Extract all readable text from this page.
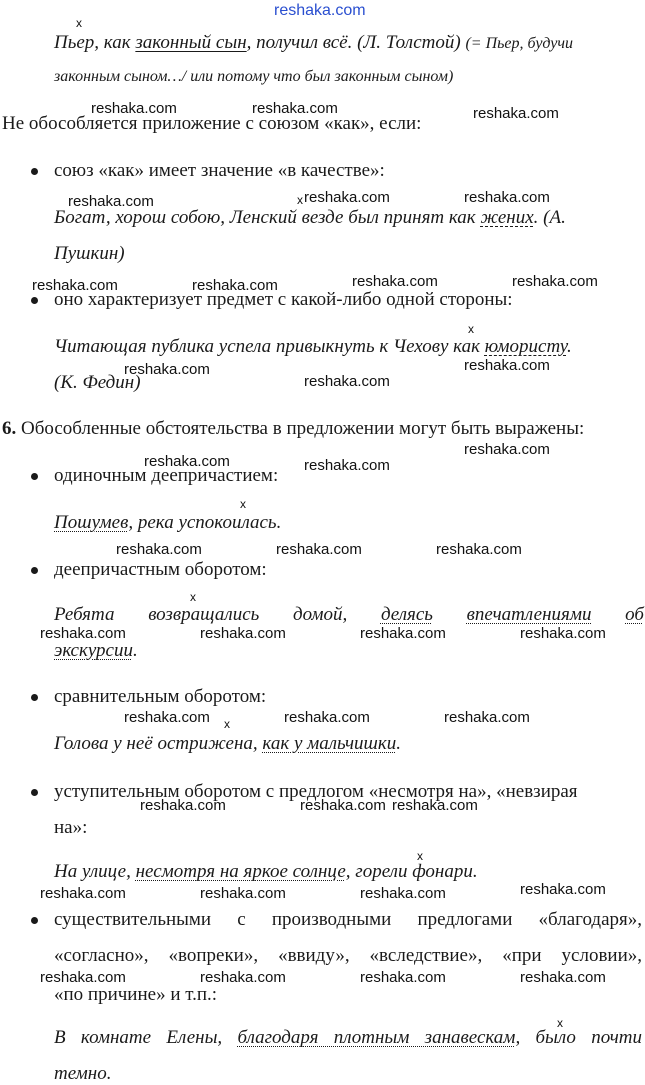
reshaka.com
x
Пьер, как законный сын, получил всё. (Л. Толстой) (= Пьер, будучи
законным сыном…/ или потому что был законным сыном)
reshaka.com	reshaka.com	reshaka.com
Не обособляется приложение с союзом «как», если:
союз «как» имеет значение «в качестве»:
reshaka.com	x reshaka.com	reshaka.com
Богат, хорош собою, Ленский везде был принят как жених. (А.
Пушкин)
reshaka.com	reshaka.com	reshaka.com	reshaka.com
оно характеризует предмет с какой-либо одной стороны:
x
Читающая публика успела привыкнуть к Чехову как юмористу.
reshaka.com
reshaka.com
(К. Федин)	reshaka.com
6. Обособленные обстоятельства в предложении могут быть выражены:
reshaka.com
reshaka.com	reshaka.com
одиночным деепричастием:
x
Пошумев, река успокоилась.
reshaka.com	reshaka.com	reshaka.com
деепричастным оборотом:
x
Ребята возвращались домой, делясь впечатлениями об
reshaka.com	reshaka.com	reshaka.com	reshaka.com
экскурсии.
сравнительным оборотом:
reshaka.com x	reshaka.com	reshaka.com
Голова у неё острижена, как у мальчишки.
уступительным оборотом с предлогом «несмотря на», «невзирая
reshaka.com	reshaka.com reshaka.com
на»:
x
На улице, несмотря на яркое солнце, горели фонари.
reshaka.com	reshaka.com	reshaka.com	reshaka.com
существительными с производными предлогами «благодаря»,
«согласно», «вопреки», «ввиду», «вследствие», «при условии»,
reshaka.com	reshaka.com	reshaka.com	reshaka.com
«по причине» и т.п.:
x
В комнате Елены, благодаря плотным занавескам, было почти
темно.
